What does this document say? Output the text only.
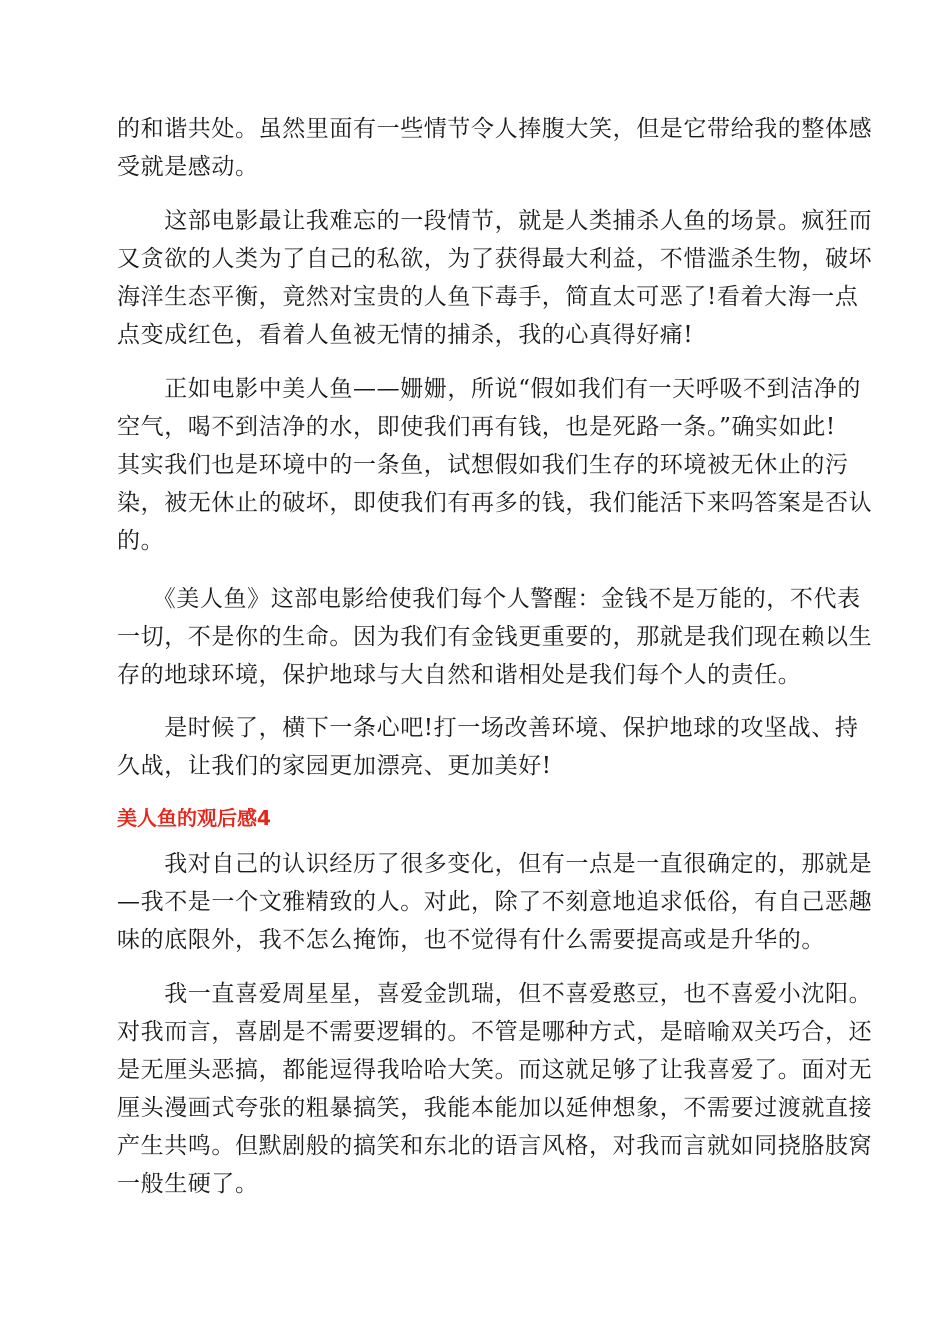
的和谐共处。虽然里面有一些情节令人捧腹大笑，但是它带给我的整体感
受就是感动。
　　这部电影最让我难忘的一段情节，就是人类捕杀人鱼的场景。疯狂而
又贪欲的人类为了自己的私欲，为了获得最大利益，不惜滥杀生物，破坏
海洋生态平衡，竟然对宝贵的人鱼下毒手，简直太可恶了!看着大海一点
点变成红色，看着人鱼被无情的捕杀，我的心真得好痛!
　　正如电影中美人鱼——姗姗，所说“假如我们有一天呼吸不到洁净的
空气，喝不到洁净的水，即使我们再有钱，也是死路一条。”确实如此!
其实我们也是环境中的一条鱼，试想假如我们生存的环境被无休止的污
染，被无休止的破坏，即使我们有再多的钱，我们能活下来吗答案是否认
的。
　　《美人鱼》这部电影给使我们每个人警醒：金钱不是万能的，不代表
一切，不是你的生命。因为我们有金钱更重要的，那就是我们现在赖以生
存的地球环境，保护地球与大自然和谐相处是我们每个人的责任。
　　是时候了，横下一条心吧!打一场改善环境、保护地球的攻坚战、持
久战，让我们的家园更加漂亮、更加美好!
美人鱼的观后感4
　　我对自己的认识经历了很多变化，但有一点是一直很确定的，那就是
—我不是一个文雅精致的人。对此，除了不刻意地追求低俗，有自己恶趣
味的底限外，我不怎么掩饰，也不觉得有什么需要提高或是升华的。
　　我一直喜爱周星星，喜爱金凯瑞，但不喜爱憨豆，也不喜爱小沈阳。
对我而言，喜剧是不需要逻辑的。不管是哪种方式，是暗喻双关巧合，还
是无厘头恶搞，都能逗得我哈哈大笑。而这就足够了让我喜爱了。面对无
厘头漫画式夸张的粗暴搞笑，我能本能加以延伸想象，不需要过渡就直接
产生共鸣。但默剧般的搞笑和东北的语言风格，对我而言就如同挠胳肢窝
一般生硬了。
